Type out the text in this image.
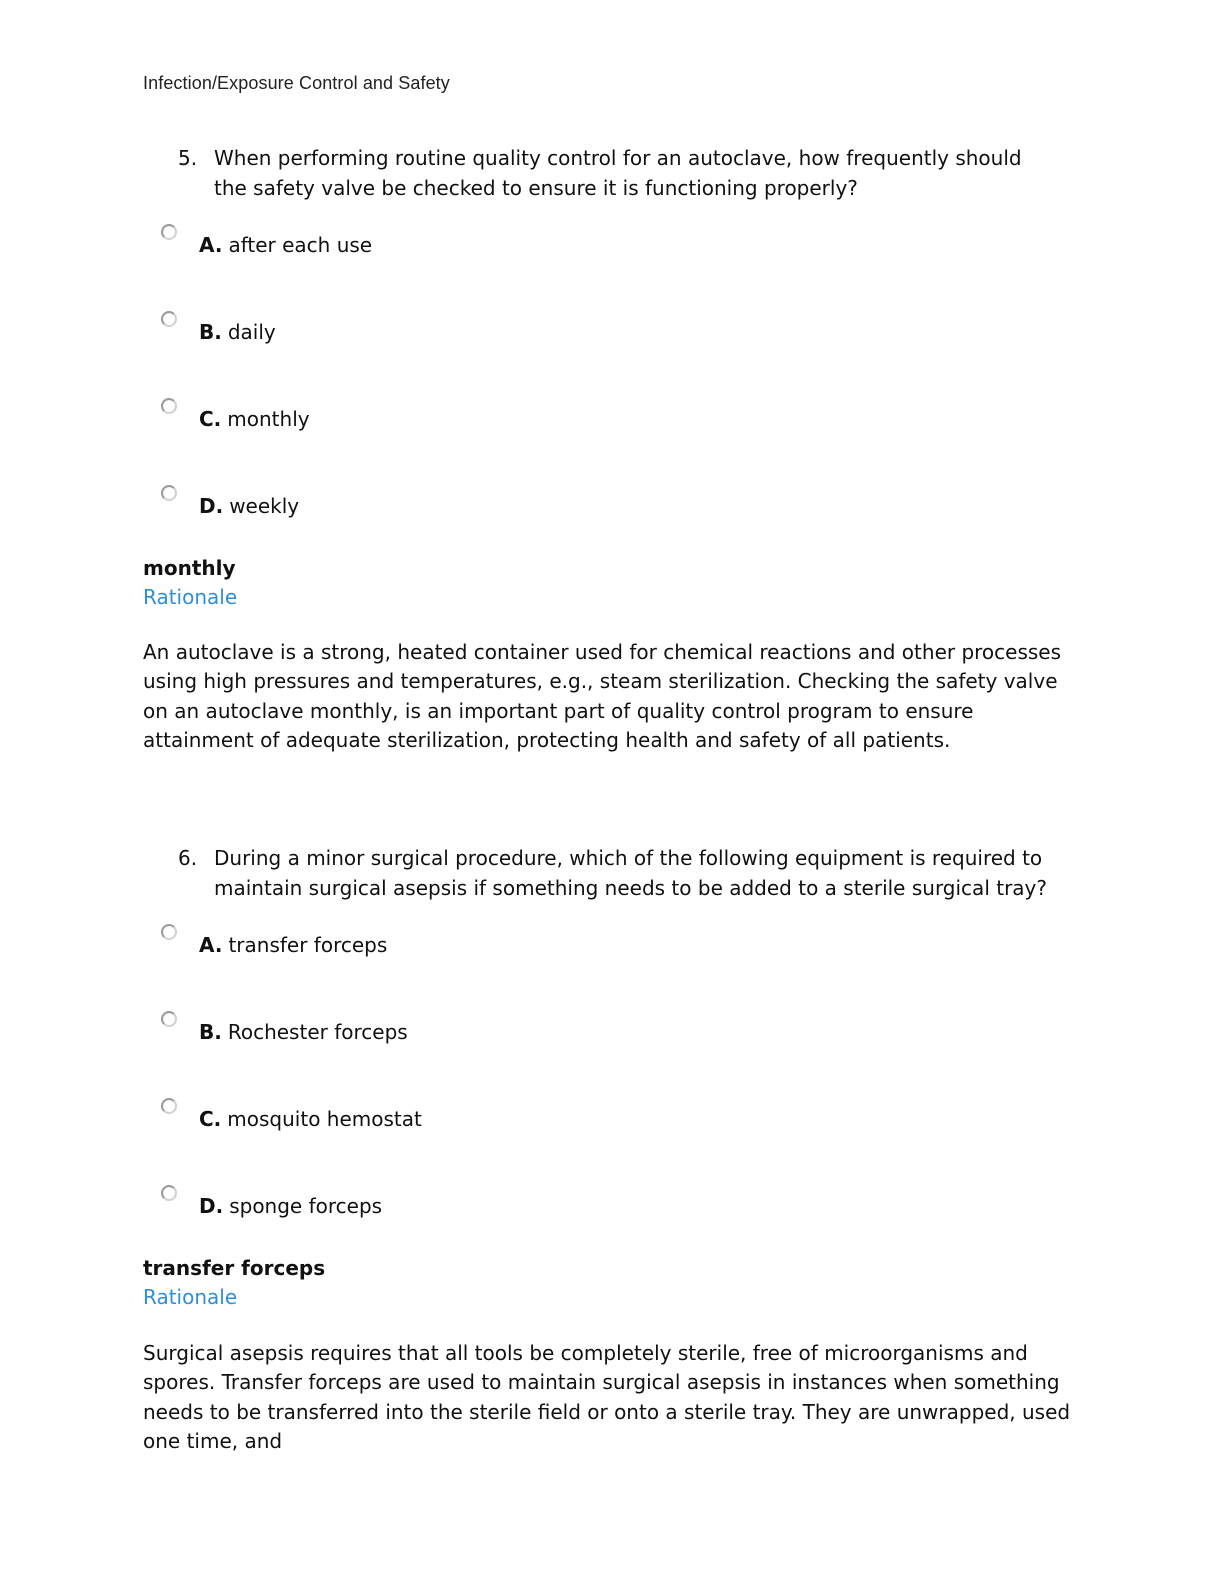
Infection/Exposure Control and Safety
5. When performing routine quality control for an autoclave, how frequently should the safety valve be checked to ensure it is functioning properly?
A. after each use
B. daily
C. monthly
D. weekly
monthly
Rationale

An autoclave is a strong, heated container used for chemical reactions and other processes using high pressures and temperatures, e.g., steam sterilization. Checking the safety valve on an autoclave monthly, is an important part of quality control program to ensure attainment of adequate sterilization, protecting health and safety of all patients.

6. During a minor surgical procedure, which of the following equipment is required to maintain surgical asepsis if something needs to be added to a sterile surgical tray?
A. transfer forceps
B. Rochester forceps
C. mosquito hemostat
D. sponge forceps
transfer forceps
Rationale

Surgical asepsis requires that all tools be completely sterile, free of microorganisms and spores. Transfer forceps are used to maintain surgical asepsis in instances when something needs to be transferred into the sterile field or onto a sterile tray. They are unwrapped, used one time, and
